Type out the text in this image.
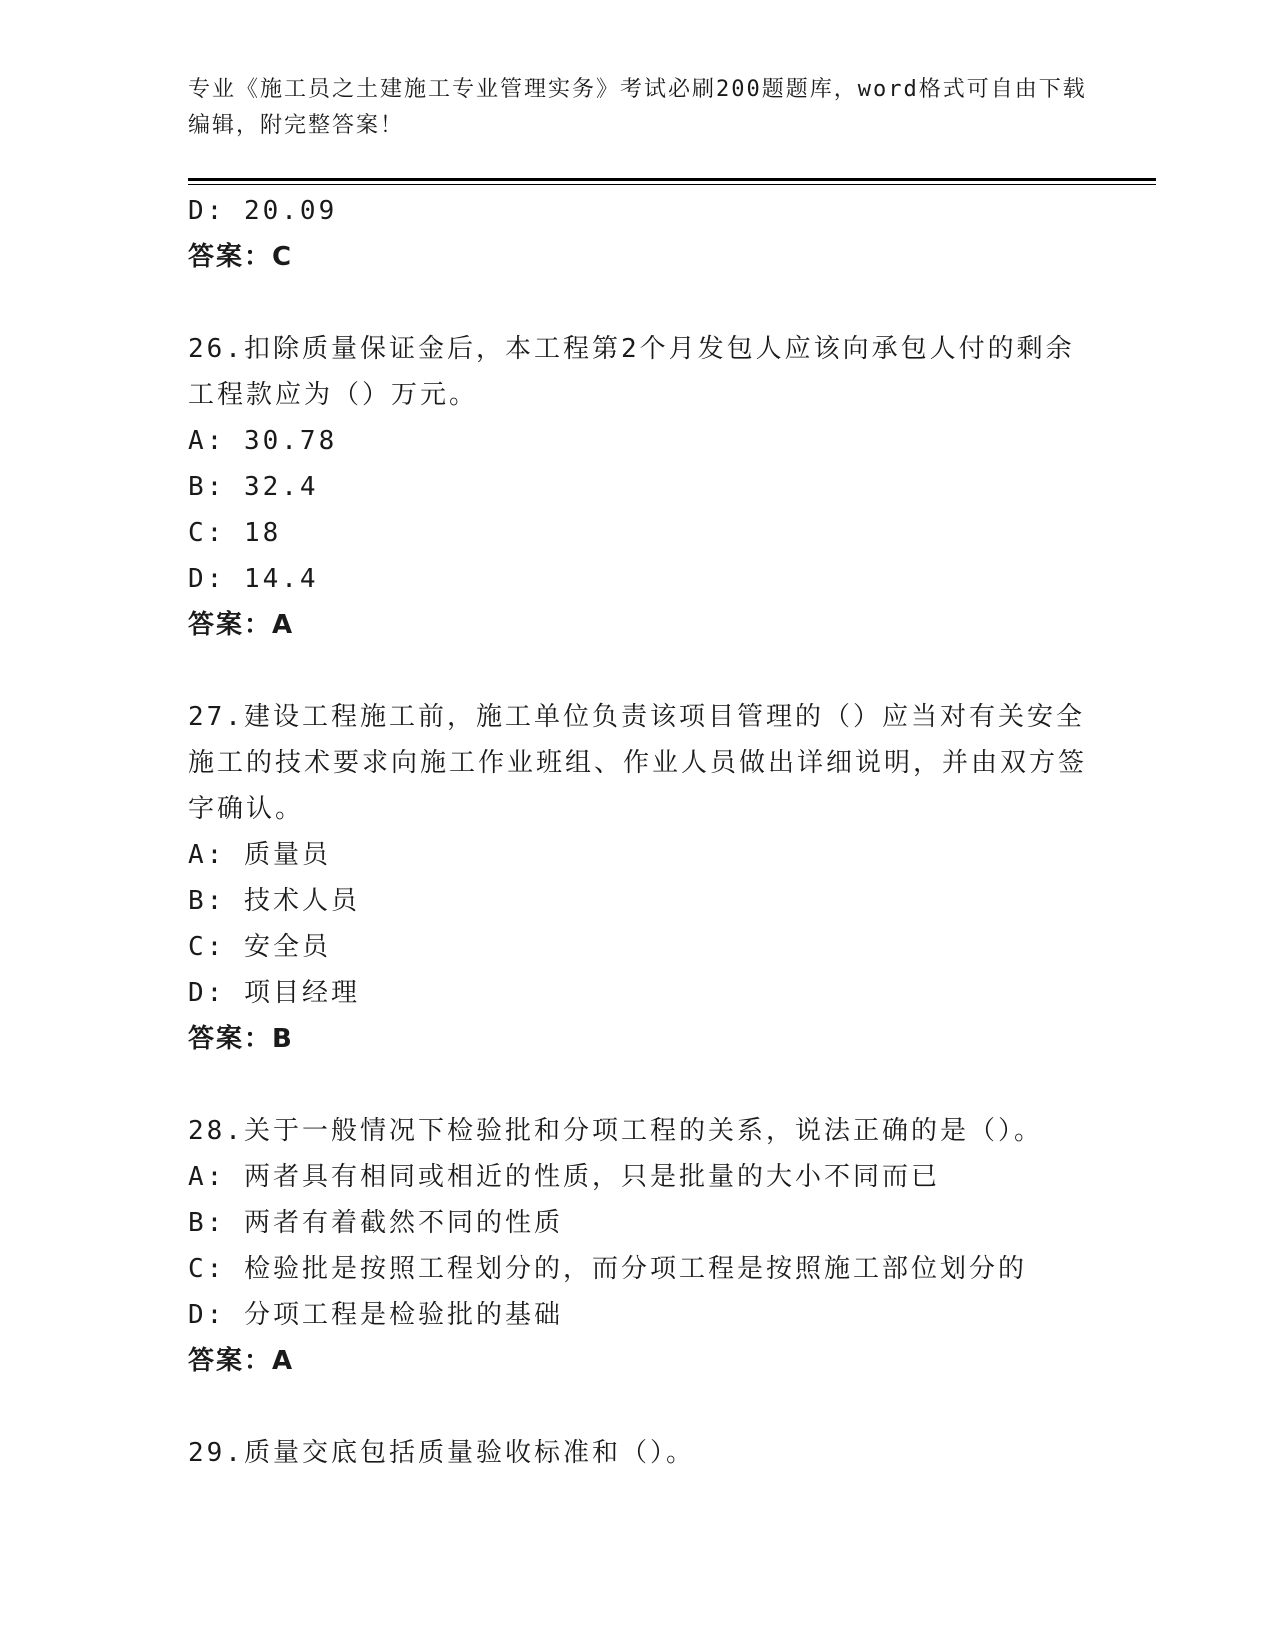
专业《施工员之土建施工专业管理实务》考试必刷200题题库，word格式可自由下载编辑，附完整答案！
D: 20.09
答案：C
26.扣除质量保证金后，本工程第2个月发包人应该向承包人付的剩余工程款应为（）万元。
A: 30.78
B: 32.4
C: 18
D: 14.4
答案：A
27.建设工程施工前，施工单位负责该项目管理的（）应当对有关安全施工的技术要求向施工作业班组、作业人员做出详细说明，并由双方签字确认。
A: 质量员
B: 技术人员
C: 安全员
D: 项目经理
答案：B
28.关于一般情况下检验批和分项工程的关系，说法正确的是（）。
A: 两者具有相同或相近的性质，只是批量的大小不同而已
B: 两者有着截然不同的性质
C: 检验批是按照工程划分的，而分项工程是按照施工部位划分的
D: 分项工程是检验批的基础
答案：A
29.质量交底包括质量验收标准和（）。
